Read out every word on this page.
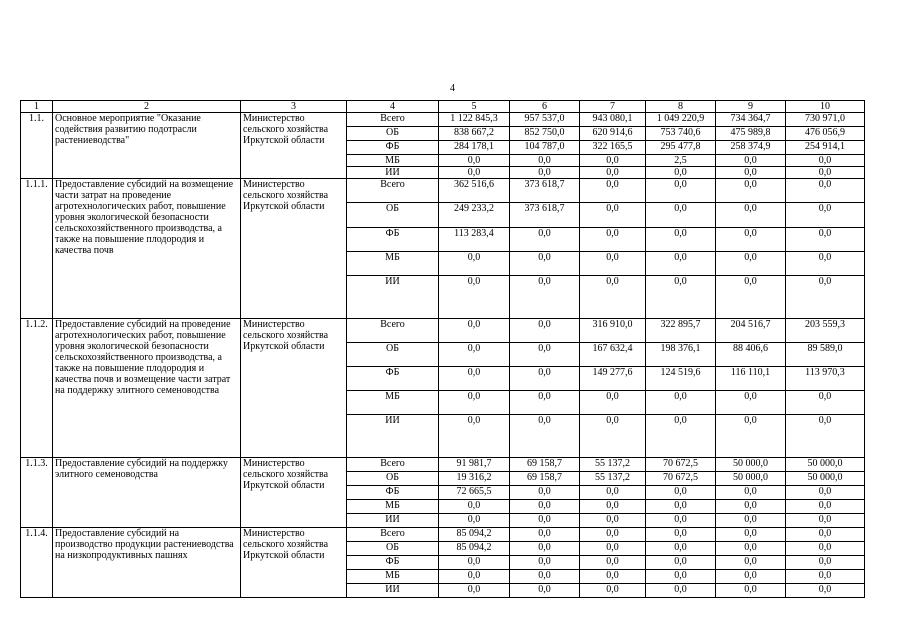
4
1	2	3	4	5	6	7	8	9	10
1.1.	Основное мероприятие "Оказание содействия развитию подотрасли растениеводства"	Министерство сельского хозяйства Иркутской области	Всего	1 122 845,3	957 537,0	943 080,1	1 049 220,9	734 364,7	730 971,0
			ОБ	838 667,2	852 750,0	620 914,6	753 740,6	475 989,8	476 056,9
			ФБ	284 178,1	104 787,0	322 165,5	295 477,8	258 374,9	254 914,1
			МБ	0,0	0,0	0,0	2,5	0,0	0,0
			ИИ	0,0	0,0	0,0	0,0	0,0	0,0
1.1.1.	Предоставление субсидий на возмещение части затрат на проведение агротехнологических работ, повышение уровня экологической безопасности сельскохозяйственного производства, а также на повышение плодородия и качества почв	Министерство сельского хозяйства Иркутской области	Всего	362 516,6	373 618,7	0,0	0,0	0,0	0,0
			ОБ	249 233,2	373 618,7	0,0	0,0	0,0	0,0
			ФБ	113 283,4	0,0	0,0	0,0	0,0	0,0
			МБ	0,0	0,0	0,0	0,0	0,0	0,0
			ИИ	0,0	0,0	0,0	0,0	0,0	0,0
1.1.2.	Предоставление субсидий на проведение агротехнологических работ, повышение уровня экологической безопасности сельскохозяйственного производства, а также на повышение плодородия и качества почв и возмещение части затрат на поддержку элитного семеноводства	Министерство сельского хозяйства Иркутской области	Всего	0,0	0,0	316 910,0	322 895,7	204 516,7	203 559,3
			ОБ	0,0	0,0	167 632,4	198 376,1	88 406,6	89 589,0
			ФБ	0,0	0,0	149 277,6	124 519,6	116 110,1	113 970,3
			МБ	0,0	0,0	0,0	0,0	0,0	0,0
			ИИ	0,0	0,0	0,0	0,0	0,0	0,0
1.1.3.	Предоставление субсидий на поддержку элитного семеноводства	Министерство сельского хозяйства Иркутской области	Всего	91 981,7	69 158,7	55 137,2	70 672,5	50 000,0	50 000,0
			ОБ	19 316,2	69 158,7	55 137,2	70 672,5	50 000,0	50 000,0
			ФБ	72 665,5	0,0	0,0	0,0	0,0	0,0
			МБ	0,0	0,0	0,0	0,0	0,0	0,0
			ИИ	0,0	0,0	0,0	0,0	0,0	0,0
1.1.4.	Предоставление субсидий на производство продукции растениеводства на низкопродуктивных пашнях	Министерство сельского хозяйства Иркутской области	Всего	85 094,2	0,0	0,0	0,0	0,0	0,0
			ОБ	85 094,2	0,0	0,0	0,0	0,0	0,0
			ФБ	0,0	0,0	0,0	0,0	0,0	0,0
			МБ	0,0	0,0	0,0	0,0	0,0	0,0
			ИИ	0,0	0,0	0,0	0,0	0,0	0,0
